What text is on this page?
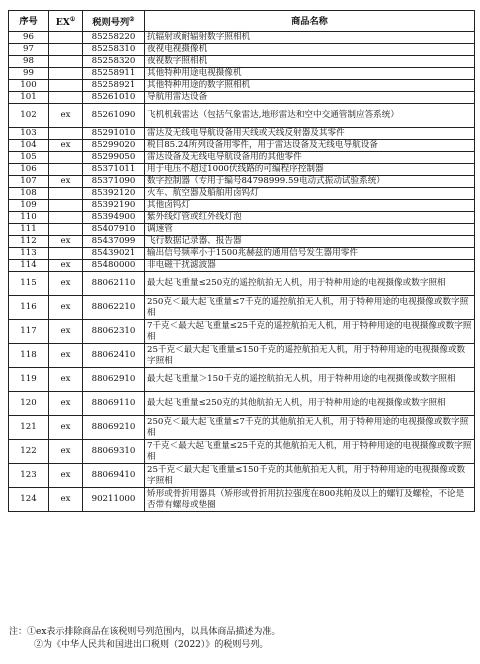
序号	EX①	税则号列②	商品名称
96		85258220	抗辐射或耐辐射数字照相机
97		85258310	夜视电视摄像机
98		85258320	夜视数字照相机
99		85258911	其他特种用途电视摄像机
100		85258921	其他特种用途的数字照相机
101		85261010	导航用雷达设备
102	ex	85261090	飞机机载雷达（包括气象雷达,地形雷达和空中交通管制应答系统）
103		85291010	雷达及无线电导航设备用天线或天线反射器及其零件
104	ex	85299020	税目85.24所列设备用零件，用于雷达设备及无线电导航设备
105		85299050	雷达设备及无线电导航设备用的其他零件
106		85371011	用于电压不超过1000伏线路的可编程序控制器
107	ex	85371090	数字控制器（专用于编号84798999.59电动式振动试验系统）
108		85392120	火车、航空器及船舶用卤钨灯
109		85392190	其他卤钨灯
110		85394900	紫外线灯管或红外线灯泡
111		85407910	调速管
112	ex	85437099	飞行数据记录器、报告器
113		85439021	输出信号频率小于1500兆赫兹的通用信号发生器用零件
114	ex	85480000	非电磁干扰滤波器
115	ex	88062110	最大起飞重量≤250克的遥控航拍无人机，用于特种用途的电视摄像或数字照相
116	ex	88062210	250克＜最大起飞重量≤7千克的遥控航拍无人机，用于特种用途的电视摄像或数字照相
117	ex	88062310	7千克＜最大起飞重量≤25千克的遥控航拍无人机，用于特种用途的电视摄像或数字照相
118	ex	88062410	25千克＜最大起飞重量≤150千克的遥控航拍无人机，用于特种用途的电视摄像或数字照相
119	ex	88062910	最大起飞重量＞150千克的遥控航拍无人机，用于特种用途的电视摄像或数字照相
120	ex	88069110	最大起飞重量≤250克的其他航拍无人机，用于特种用途的电视摄像或数字照相
121	ex	88069210	250克＜最大起飞重量≤7千克的其他航拍无人机，用于特种用途的电视摄像或数字照相
122	ex	88069310	7千克＜最大起飞重量≤25千克的其他航拍无人机，用于特种用途的电视摄像或数字照相
123	ex	88069410	25千克＜最大起飞重量≤150千克的其他航拍无人机，用于特种用途的电视摄像或数字照相
124	ex	90211000	矫形或骨折用器具（矫形或骨折用抗拉强度在800兆帕及以上的螺钉及螺栓，不论是否带有螺母或垫圈
注：①ex表示排除商品在该税则号列范围内，以具体商品描述为准。
②为《中华人民共和国进出口税则（2022）》的税则号列。
